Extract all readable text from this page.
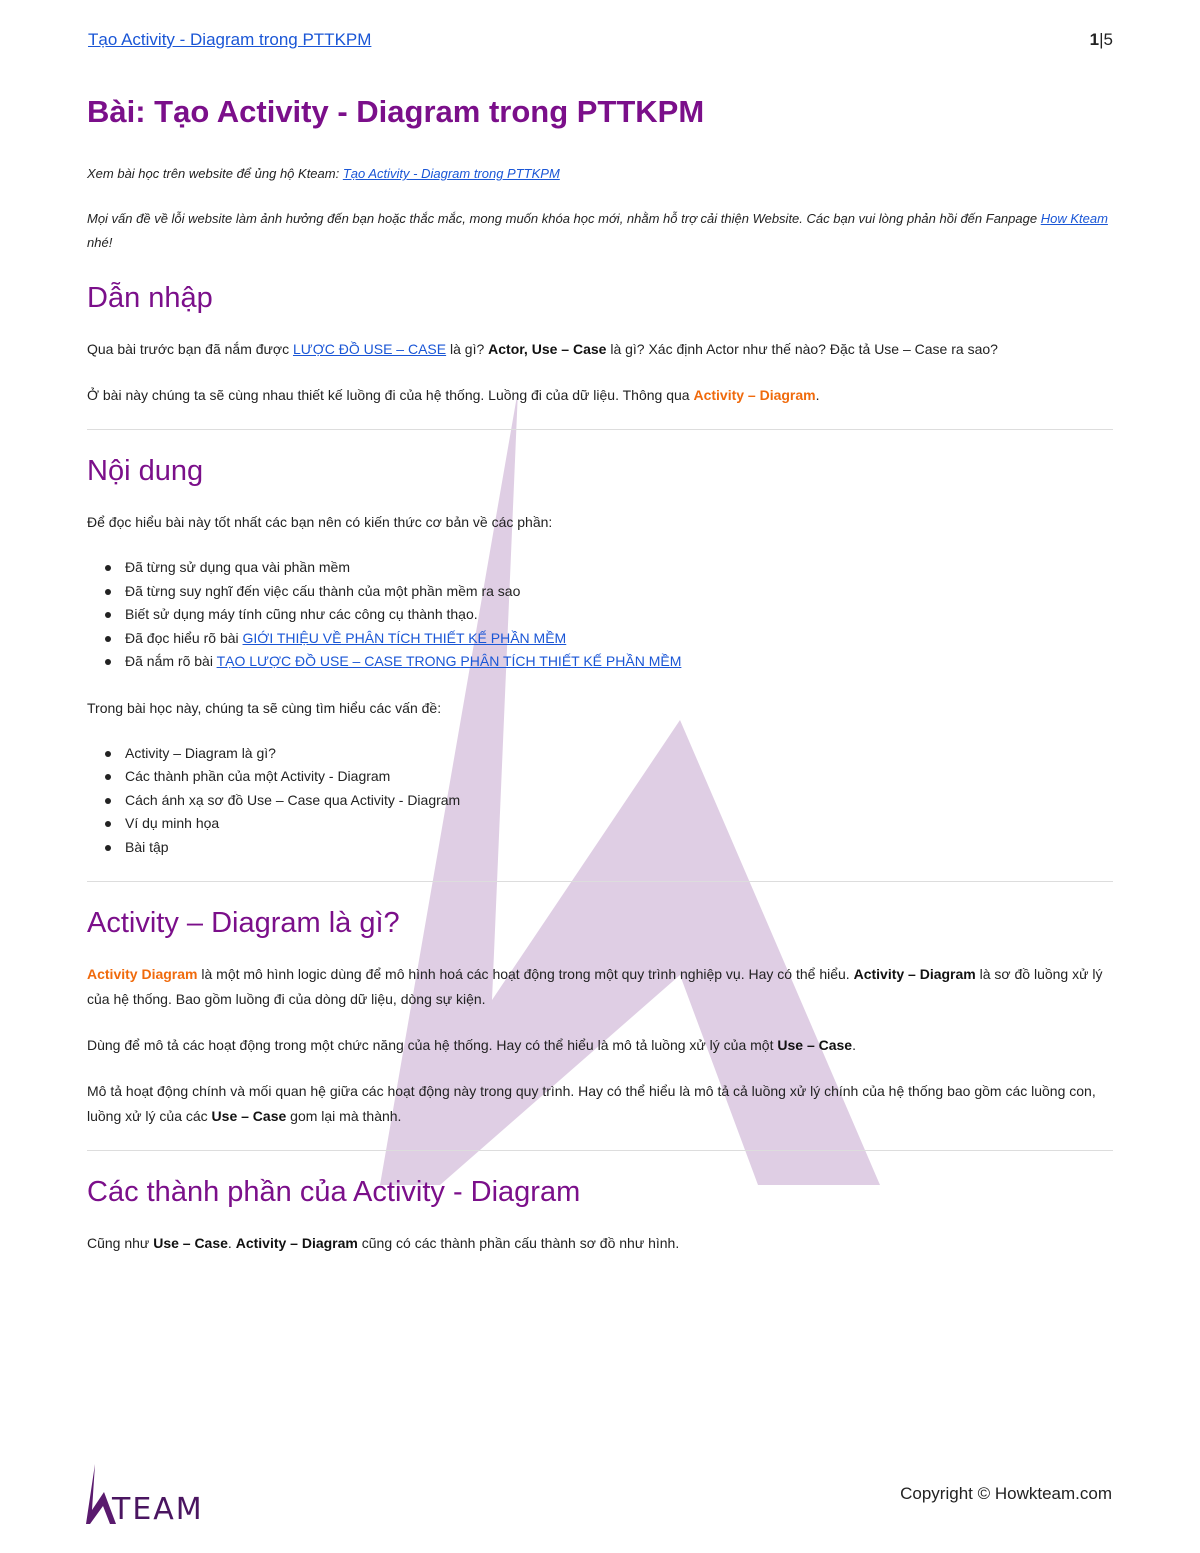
Tạo Activity - Diagram trong PTTKPM	1|5
Bài: Tạo Activity - Diagram trong PTTKPM

Xem bài học trên website để ủng hộ Kteam: Tạo Activity - Diagram trong PTTKPM

Mọi vấn đề về lỗi website làm ảnh hưởng đến bạn hoặc thắc mắc, mong muốn khóa học mới, nhằm hỗ trợ cải thiện Website. Các bạn vui lòng phản hồi đến Fanpage How Kteam nhé!

Dẫn nhập

Qua bài trước bạn đã nắm được LƯỢC ĐỒ USE – CASE là gì? Actor, Use – Case là gì? Xác định Actor như thế nào? Đặc tả Use – Case ra sao?

Ở bài này chúng ta sẽ cùng nhau thiết kế luồng đi của hệ thống. Luồng đi của dữ liệu. Thông qua Activity – Diagram.

Nội dung

Để đọc hiểu bài này tốt nhất các bạn nên có kiến thức cơ bản về các phần:

Đã từng sử dụng qua vài phần mềm
Đã từng suy nghĩ đến việc cấu thành của một phần mềm ra sao
Biết sử dụng máy tính cũng như các công cụ thành thạo.
Đã đọc hiểu rõ bài GIỚI THIỆU VỀ PHÂN TÍCH THIẾT KẾ PHẦN MỀM
Đã nắm rõ bài TẠO LƯỢC ĐỒ USE – CASE TRONG PHÂN TÍCH THIẾT KẾ PHẦN MỀM

Trong bài học này, chúng ta sẽ cùng tìm hiểu các vấn đề:

Activity – Diagram là gì?
Các thành phần của một Activity - Diagram
Cách ánh xạ sơ đồ Use – Case qua Activity - Diagram
Ví dụ minh họa
Bài tập
Activity – Diagram là gì?

Activity Diagram là một mô hình logic dùng để mô hình hoá các hoạt động trong một quy trình nghiệp vụ. Hay có thể hiểu. Activity – Diagram là sơ đồ luồng xử lý của hệ thống. Bao gồm luồng đi của dòng dữ liệu, dòng sự kiện.

Dùng để mô tả các hoạt động trong một chức năng của hệ thống. Hay có thể hiểu là mô tả luồng xử lý của một Use – Case.

Mô tả hoạt động chính và mối quan hệ giữa các hoạt động này trong quy trình. Hay có thể hiểu là mô tả cả luồng xử lý chính của hệ thống bao gồm các luồng con, luồng xử lý của các Use – Case gom lại mà thành.

Các thành phần của Activity - Diagram

Cũng như Use – Case. Activity – Diagram cũng có các thành phần cấu thành sơ đồ như hình.

TEAM	Copyright © Howkteam.com
